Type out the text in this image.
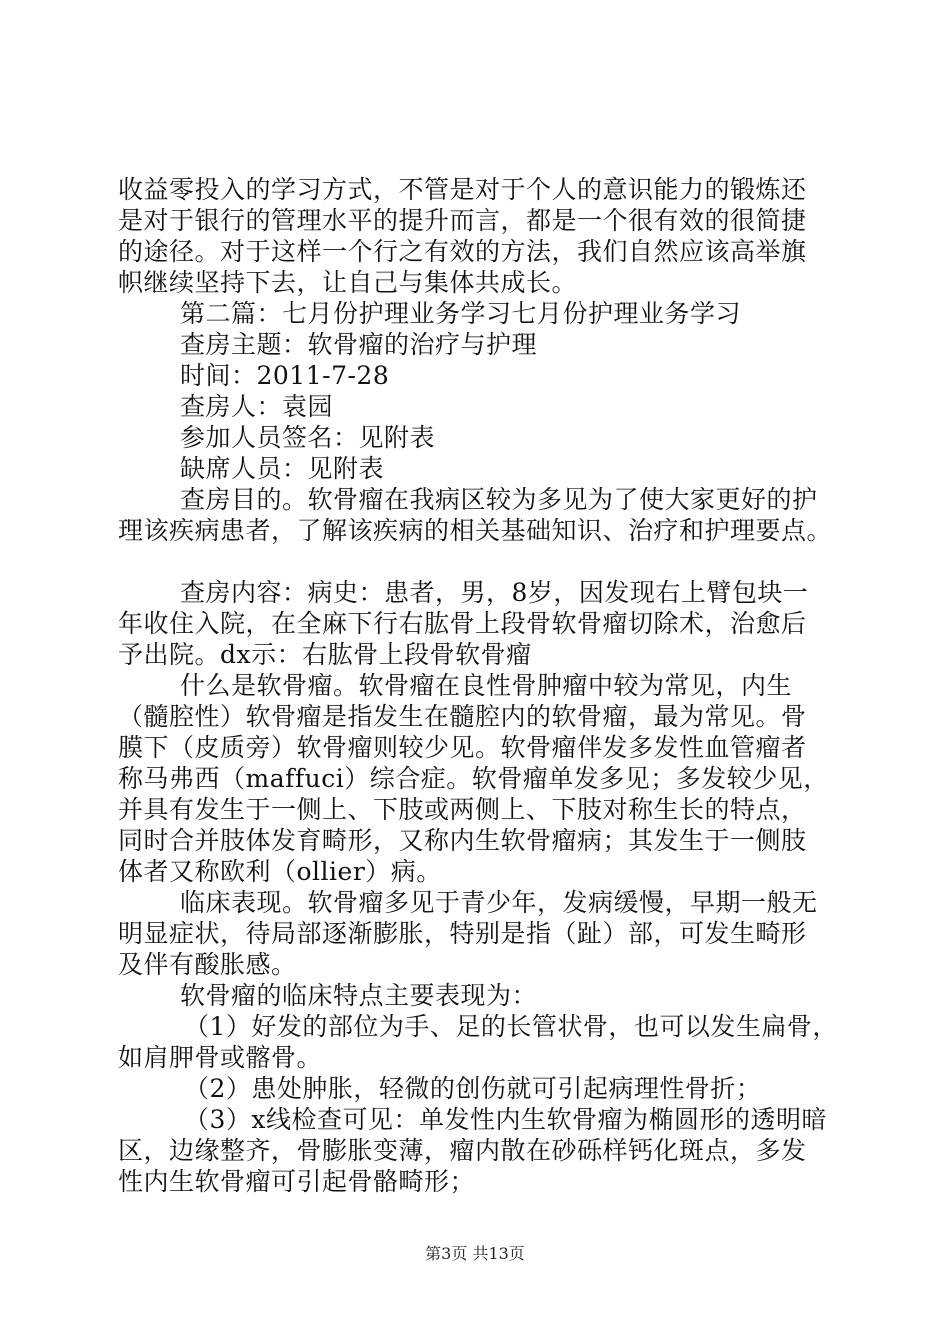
收益零投入的学习方式，不管是对于个人的意识能力的锻炼还
是对于银行的管理水平的提升而言，都是一个很有效的很简捷
的途径。对于这样一个行之有效的方法，我们自然应该高举旗
帜继续坚持下去，让自己与集体共成长。
第二篇：七月份护理业务学习七月份护理业务学习
查房主题：软骨瘤的治疗与护理
时间：2011-7-28
查房人：袁园
参加人员签名：见附表
缺席人员：见附表
查房目的。软骨瘤在我病区较为多见为了使大家更好的护
理该疾病患者，了解该疾病的相关基础知识、治疗和护理要点。
查房内容：病史：患者，男，8岁，因发现右上臂包块一
年收住入院，在全麻下行右肱骨上段骨软骨瘤切除术，治愈后
予出院。dx示：右肱骨上段骨软骨瘤
什么是软骨瘤。软骨瘤在良性骨肿瘤中较为常见，内生
（髓腔性）软骨瘤是指发生在髓腔内的软骨瘤，最为常见。骨
膜下（皮质旁）软骨瘤则较少见。软骨瘤伴发多发性血管瘤者
称马弗西（maffuci）综合症。软骨瘤单发多见；多发较少见，
并具有发生于一侧上、下肢或两侧上、下肢对称生长的特点，
同时合并肢体发育畸形，又称内生软骨瘤病；其发生于一侧肢
体者又称欧利（ollier）病。
临床表现。软骨瘤多见于青少年，发病缓慢，早期一般无
明显症状，待局部逐渐膨胀，特别是指（趾）部，可发生畸形
及伴有酸胀感。
软骨瘤的临床特点主要表现为：
（1）好发的部位为手、足的长管状骨，也可以发生扁骨，
如肩胛骨或髂骨。
（2）患处肿胀，轻微的创伤就可引起病理性骨折；
（3）x线检查可见：单发性内生软骨瘤为椭圆形的透明暗
区，边缘整齐，骨膨胀变薄，瘤内散在砂砾样钙化斑点，多发
性内生软骨瘤可引起骨骼畸形；
第3页 共13页
